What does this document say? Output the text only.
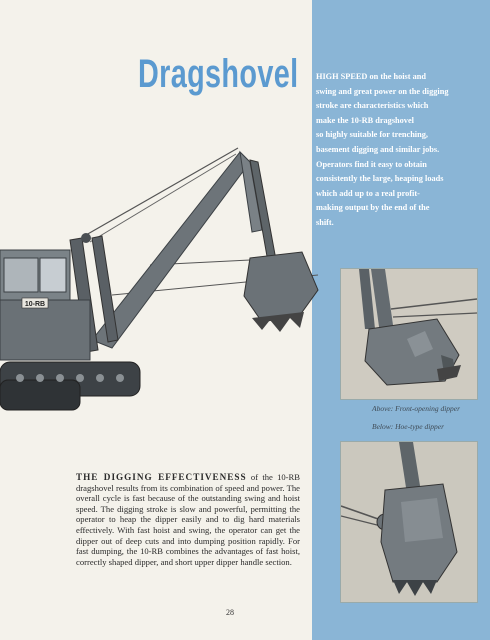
Dragshovel HIGH SPEED on the hoist and
swing and great power on the digging
stroke are characteristics which
make the 10-RB dragshovel
so highly suitable for trenching,
basement digging and similar jobs.
Operators find it easy to obtain
consistently the large, heaping loads
which add up to a real profit-
making output by the end of the
shift.
10-RB
Above: Front-opening dipper
Below: Hoe-type dipper
THE DIGGING EFFECTIVENESS of the 10-RB dragshovel results from its combination of speed and power. The overall cycle is fast because of the outstanding swing and hoist speed. The digging stroke is slow and powerful, permitting the operator to heap the dipper easily and to dig hard materials effectively. With fast hoist and swing, the operator can get the dipper out of deep cuts and into dumping position rapidly. For fast dumping, the 10-RB combines the advantages of fast hoist, correctly shaped dipper, and short upper dipper handle section.
28
